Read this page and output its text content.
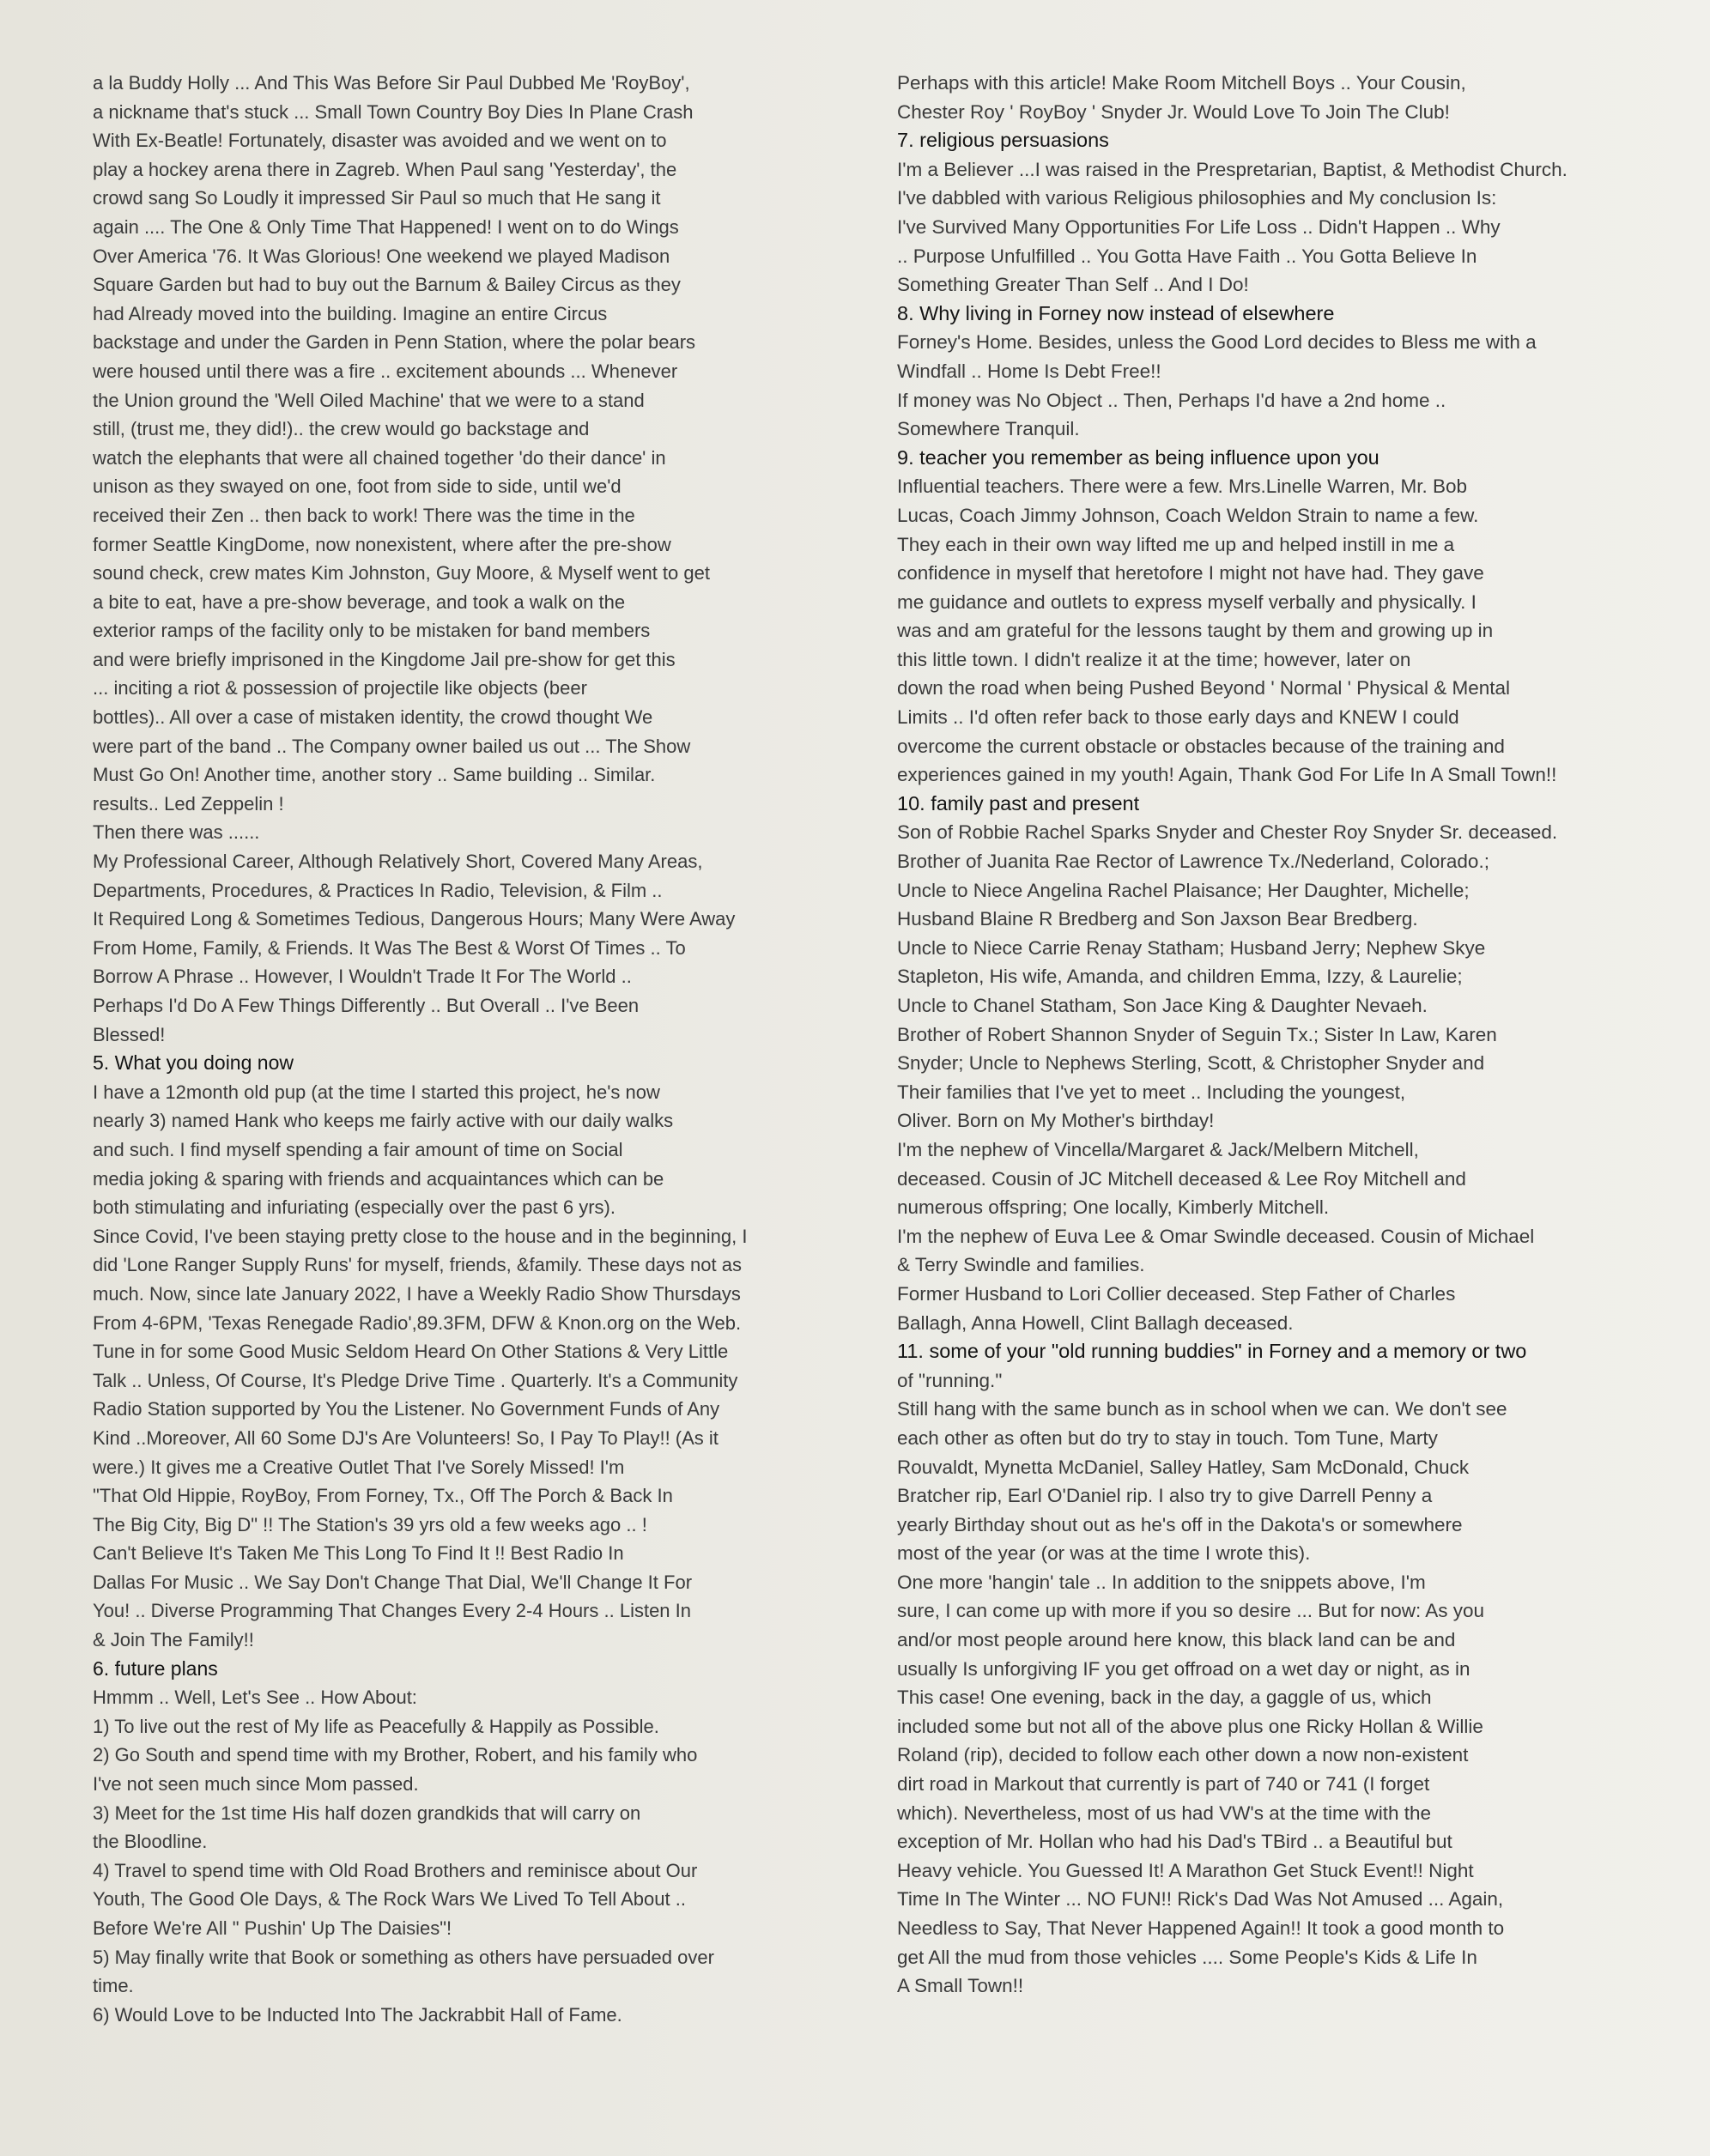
a la Buddy Holly ... And This Was Before Sir Paul Dubbed Me 'RoyBoy',
a nickname that's stuck ... Small Town Country Boy Dies In Plane Crash
With Ex-Beatle! Fortunately, disaster was avoided and we went on to
play a hockey arena there in Zagreb. When Paul sang 'Yesterday', the
crowd sang So Loudly it impressed Sir Paul so much that He sang it
again .... The One & Only Time That Happened! I went on to do Wings
Over America '76. It Was Glorious! One weekend we played Madison
Square Garden but had to buy out the Barnum & Bailey Circus as they
had Already moved into the building. Imagine an entire Circus
backstage and under the Garden in Penn Station, where the polar bears
were housed until there was a fire .. excitement abounds ... Whenever
the Union ground the 'Well Oiled Machine' that we were to a stand
still, (trust me, they did!).. the crew would go backstage and
watch the elephants that were all chained together 'do their dance' in
unison as they swayed on one, foot from side to side, until we'd
received their Zen .. then back to work! There was the time in the
former Seattle KingDome, now nonexistent, where after the pre-show
sound check, crew mates Kim Johnston, Guy Moore, & Myself went to get
a bite to eat, have a pre-show beverage, and took a walk on the
exterior ramps of the facility only to be mistaken for band members
and were briefly imprisoned in the Kingdome Jail pre-show for get this
... inciting a riot & possession of projectile like objects (beer
bottles).. All over a case of mistaken identity, the crowd thought We
were part of the band .. The Company owner bailed us out ... The Show
Must Go On! Another time, another story .. Same building .. Similar.
results.. Led Zeppelin !
Then there was ......
My Professional Career, Although Relatively Short, Covered Many Areas,
Departments, Procedures, & Practices In Radio, Television, & Film ..
It Required Long & Sometimes Tedious, Dangerous Hours; Many Were Away
From Home, Family, & Friends. It Was The Best & Worst Of Times .. To
Borrow A Phrase .. However, I Wouldn't Trade It For The World ..
Perhaps I'd Do A Few Things Differently .. But Overall .. I've Been
Blessed!
5. What you doing now
I have a 12month old pup (at the time I started this project, he's now
nearly 3) named Hank who keeps me fairly active with our daily walks
and such. I find myself spending a fair amount of time on Social
media joking & sparing with friends and acquaintances which can be
both stimulating and infuriating (especially over the past 6 yrs).
Since Covid, I've been staying pretty close to the house and in the beginning, I
did 'Lone Ranger Supply Runs' for myself, friends, &family. These days not as
much. Now, since late January 2022, I have a Weekly Radio Show Thursdays
From 4-6PM, 'Texas Renegade Radio',89.3FM, DFW & Knon.org on the Web.
Tune in for some Good Music Seldom Heard On Other Stations & Very Little
Talk .. Unless, Of Course, It's Pledge Drive Time . Quarterly. It's a Community
Radio Station supported by You the Listener. No Government Funds of Any
Kind ..Moreover, All 60 Some DJ's Are Volunteers! So, I Pay To Play!! (As it
were.) It gives me a Creative Outlet That I've Sorely Missed! I'm
"That Old Hippie, RoyBoy, From Forney, Tx., Off The Porch & Back In
The Big City, Big D" !! The Station's 39 yrs old a few weeks ago .. !
Can't Believe It's Taken Me This Long To Find It !! Best Radio In
Dallas For Music .. We Say Don't Change That Dial, We'll Change It For
You! .. Diverse Programming That Changes Every 2-4 Hours .. Listen In
& Join The Family!!
6. future plans
Hmmm .. Well, Let's See .. How About:
1) To live out the rest of My life as Peacefully & Happily as Possible.
2) Go South and spend time with my Brother, Robert, and his family who
I've not seen much since Mom passed.
3) Meet for the 1st time His half dozen grandkids that will carry on
the Bloodline.
4) Travel to spend time with Old Road Brothers and reminisce about Our
Youth, The Good Ole Days, & The Rock Wars We Lived To Tell About ..
Before We're All " Pushin' Up The Daisies"!
5) May finally write that Book or something as others have persuaded over
time.
6) Would Love to be Inducted Into The Jackrabbit Hall of Fame.
Perhaps with this article! Make Room Mitchell Boys .. Your Cousin,
Chester Roy ' RoyBoy ' Snyder Jr. Would Love To Join The Club!
7. religious persuasions
I'm a Believer ...I was raised in the Prespretarian, Baptist, & Methodist Church.
I've dabbled with various Religious philosophies and My conclusion Is:
I've Survived Many Opportunities For Life Loss .. Didn't Happen .. Why
.. Purpose Unfulfilled .. You Gotta Have Faith .. You Gotta Believe In
Something Greater Than Self .. And I Do!
8. Why living in Forney now instead of elsewhere
Forney's Home. Besides, unless the Good Lord decides to Bless me with a
Windfall .. Home Is Debt Free!!
If money was No Object .. Then, Perhaps I'd have a 2nd home ..
Somewhere Tranquil.
9. teacher you remember as being influence upon you
Influential teachers. There were a few. Mrs.Linelle Warren, Mr. Bob
Lucas, Coach Jimmy Johnson, Coach Weldon Strain to name a few.
They each in their own way lifted me up and helped instill in me a
confidence in myself that heretofore I might not have had. They gave
me guidance and outlets to express myself verbally and physically. I
was and am grateful for the lessons taught by them and growing up in
this little town. I didn't realize it at the time; however, later on
down the road when being Pushed Beyond ' Normal ' Physical & Mental
Limits .. I'd often refer back to those early days and KNEW I could
overcome the current obstacle or obstacles because of the training and
experiences gained in my youth! Again, Thank God For Life In A Small Town!!
10. family past and present
Son of Robbie Rachel Sparks Snyder and Chester Roy Snyder Sr. deceased.
Brother of Juanita Rae Rector of Lawrence Tx./Nederland, Colorado.;
Uncle to Niece Angelina Rachel Plaisance; Her Daughter, Michelle;
Husband Blaine R Bredberg and Son Jaxson Bear Bredberg.
Uncle to Niece Carrie Renay Statham; Husband Jerry; Nephew Skye
Stapleton, His wife, Amanda, and children Emma, Izzy, & Laurelie;
Uncle to Chanel Statham, Son Jace King & Daughter Nevaeh.
Brother of Robert Shannon Snyder of Seguin Tx.; Sister In Law, Karen
Snyder; Uncle to Nephews Sterling, Scott, & Christopher Snyder and
Their families that I've yet to meet .. Including the youngest,
Oliver. Born on My Mother's birthday!
I'm the nephew of Vincella/Margaret & Jack/Melbern Mitchell,
deceased. Cousin of JC Mitchell deceased & Lee Roy Mitchell and
numerous offspring; One locally, Kimberly Mitchell.
I'm the nephew of Euva Lee & Omar Swindle deceased. Cousin of Michael
& Terry Swindle and families.
Former Husband to Lori Collier deceased. Step Father of Charles
Ballagh, Anna Howell, Clint Ballagh deceased.
11. some of your "old running buddies" in Forney and a memory or two
of "running."
Still hang with the same bunch as in school when we can. We don't see
each other as often but do try to stay in touch. Tom Tune, Marty
Rouvaldt, Mynetta McDaniel, Salley Hatley, Sam McDonald, Chuck
Bratcher rip, Earl O'Daniel rip. I also try to give Darrell Penny a
yearly Birthday shout out as he's off in the Dakota's or somewhere
most of the year (or was at the time I wrote this).
One more 'hangin' tale .. In addition to the snippets above, I'm
sure, I can come up with more if you so desire ... But for now: As you
and/or most people around here know, this black land can be and
usually Is unforgiving IF you get offroad on a wet day or night, as in
This case! One evening, back in the day, a gaggle of us, which
included some but not all of the above plus one Ricky Hollan & Willie
Roland (rip), decided to follow each other down a now non-existent
dirt road in Markout that currently is part of 740 or 741 (I forget
which). Nevertheless, most of us had VW's at the time with the
exception of Mr. Hollan who had his Dad's TBird .. a Beautiful but
Heavy vehicle. You Guessed It! A Marathon Get Stuck Event!! Night
Time In The Winter ... NO FUN!! Rick's Dad Was Not Amused ... Again,
Needless to Say, That Never Happened Again!! It took a good month to
get All the mud from those vehicles .... Some People's Kids & Life In
A Small Town!!
